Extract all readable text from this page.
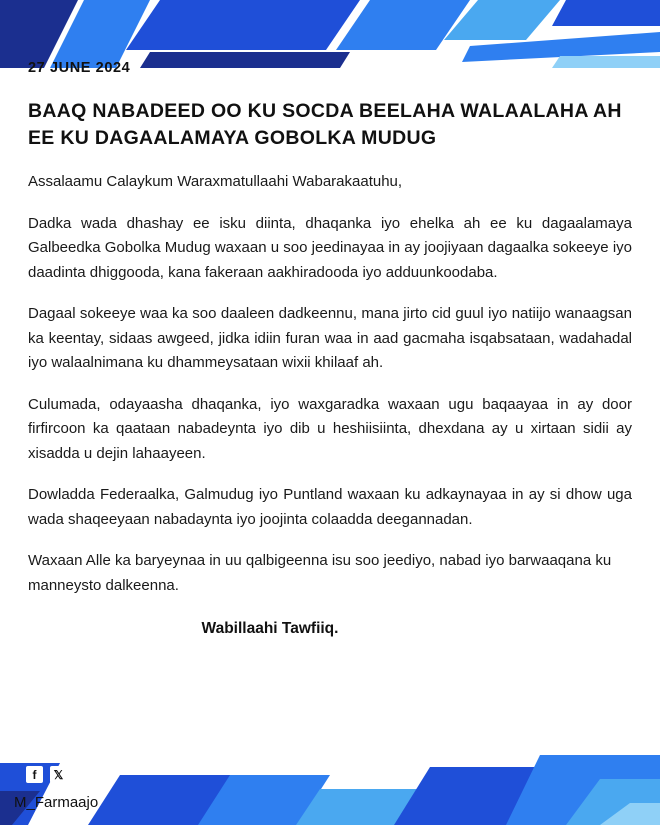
27 JUNE 2024
BAAQ NABADEED OO KU SOCDA BEELAHA WALAALAHA AH EE KU DAGAALAMAYA GOBOLKA MUDUG

Assalaamu Calaykum Waraxmatullaahi Wabarakaatuhu,

Dadka wada dhashay ee isku diinta, dhaqanka iyo ehelka ah ee ku dagaalamaya Galbeedka Gobolka Mudug waxaan u soo jeedinayaa in ay joojiyaan dagaalka sokeeye iyo daadinta dhiggooda, kana fakeraan aakhiradooda iyo adduunkoodaba.

Dagaal sokeeye waa ka soo daaleen dadkeennu, mana jirto cid guul iyo natiijo wanaagsan ka keentay, sidaas awgeed, jidka idiin furan waa in aad gacmaha isqabsataan, wadahadal iyo walaalnimana ku dhammeysataan wixii khilaaf ah.

Culumada, odayaasha dhaqanka, iyo waxgaradka waxaan ugu baqaayaa in ay door firfircoon ka qaataan nabadeynta iyo dib u heshiisiinta, dhexdana ay u xirtaan sidii ay xisadda u dejin lahaayeen.

Dowladda Federaalka, Galmudug iyo Puntland waxaan ku adkaynayaa in ay si dhow uga wada shaqeeyaan nabadaynta iyo joojinta colaadda deegannadan.

Waxaan Alle ka baryeynaa in uu qalbigeenna isu soo jeediyo, nabad iyo barwaaqana ku manneysto dalkeenna.

Wabillaahi Tawfiiq.
f	𝕏
M_Farmaajo
